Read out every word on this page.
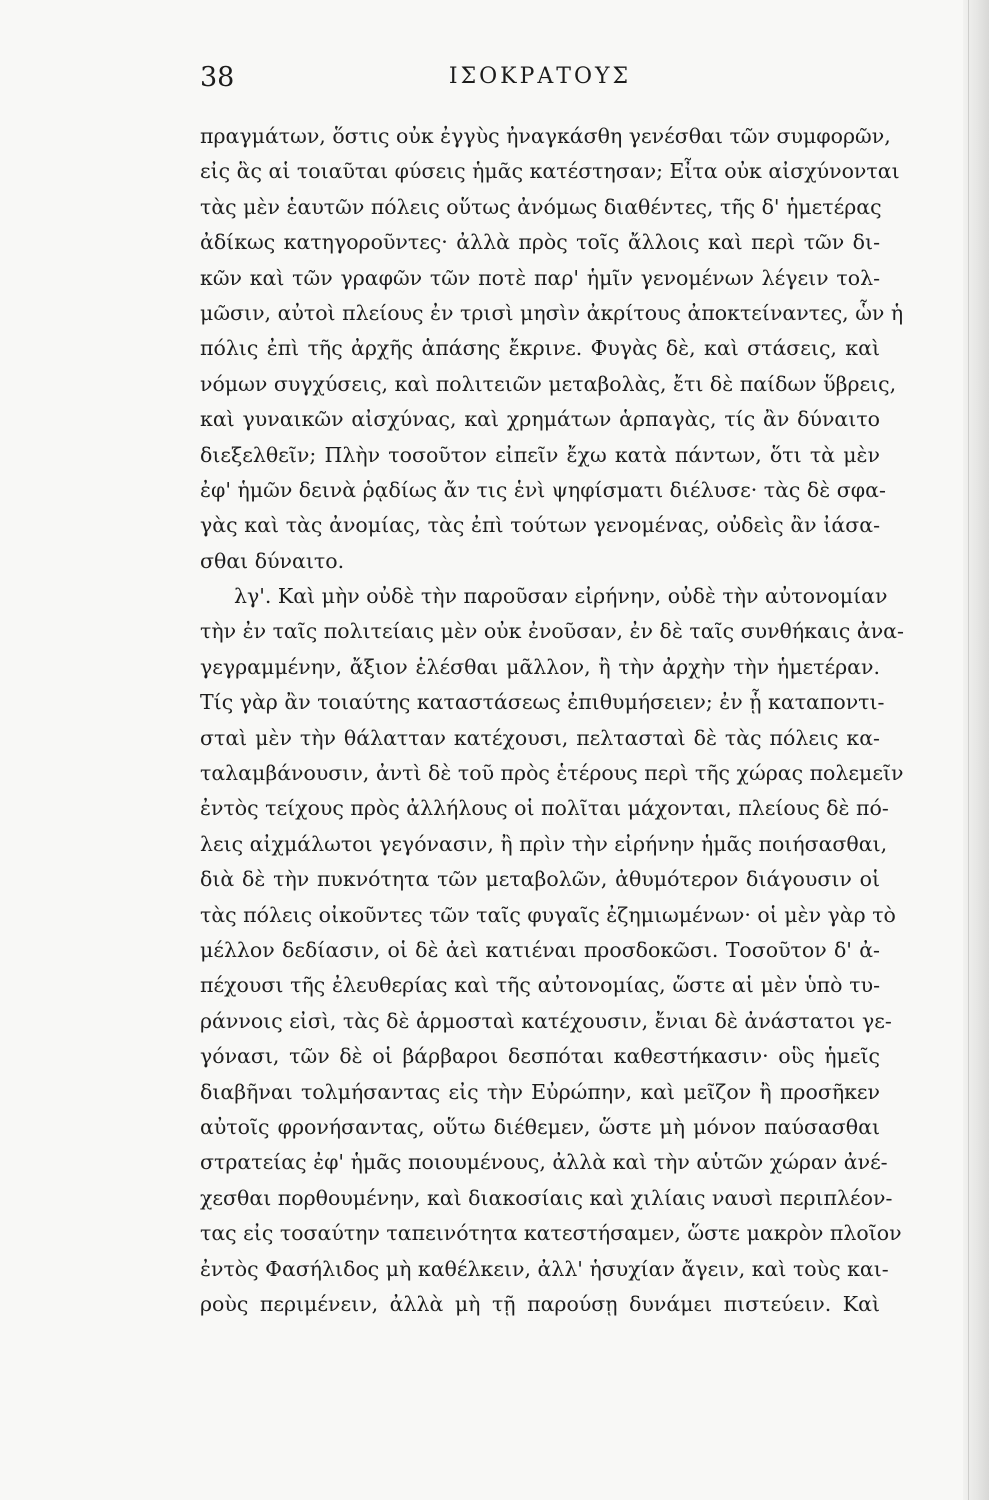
38	ΙΣΟΚΡΑΤΟΥΣ
πραγμάτων, ὅστις οὐκ ἐγγὺς ἠναγκάσθη γενέσθαι τῶν συμφορῶν,
εἰς ἃς αἱ τοιαῦται φύσεις ἡμᾶς κατέστησαν; Εἶτα οὐκ αἰσχύνονται
τὰς μὲν ἑαυτῶν πόλεις οὕτως ἀνόμως διαθέντες, τῆς δ' ἡμετέρας
ἀδίκως κατηγοροῦντες· ἀλλὰ πρὸς τοῖς ἄλλοις καὶ περὶ τῶν δι-
κῶν καὶ τῶν γραφῶν τῶν ποτὲ παρ' ἡμῖν γενομένων λέγειν τολ-
μῶσιν, αὐτοὶ πλείους ἐν τρισὶ μησὶν ἀκρίτους ἀποκτείναντες, ὧν ἡ
πόλις ἐπὶ τῆς ἀρχῆς ἁπάσης ἔκρινε. Φυγὰς δὲ, καὶ στάσεις, καὶ
νόμων συγχύσεις, καὶ πολιτειῶν μεταβολὰς, ἔτι δὲ παίδων ὕβρεις,
καὶ γυναικῶν αἰσχύνας, καὶ χρημάτων ἁρπαγὰς, τίς ἂν δύναιτο
διεξελθεῖν; Πλὴν τοσοῦτον εἰπεῖν ἔχω κατὰ πάντων, ὅτι τὰ μὲν
ἐφ' ἡμῶν δεινὰ ῥᾳδίως ἄν τις ἑνὶ ψηφίσματι διέλυσε· τὰς δὲ σφα-
γὰς καὶ τὰς ἀνομίας, τὰς ἐπὶ τούτων γενομένας, οὐδεὶς ἂν ἰάσα-
σθαι δύναιτο.
λγ'. Καὶ μὴν οὐδὲ τὴν παροῦσαν εἰρήνην, οὐδὲ τὴν αὐτονομίαν
τὴν ἐν ταῖς πολιτείαις μὲν οὐκ ἐνοῦσαν, ἐν δὲ ταῖς συνθήκαις ἀνα-
γεγραμμένην, ἄξιον ἑλέσθαι μᾶλλον, ἢ τὴν ἀρχὴν τὴν ἡμετέραν.
Τίς γὰρ ἂν τοιαύτης καταστάσεως ἐπιθυμήσειεν; ἐν ᾗ καταποντι-
σταὶ μὲν τὴν θάλατταν κατέχουσι, πελτασταὶ δὲ τὰς πόλεις κα-
ταλαμβάνουσιν, ἀντὶ δὲ τοῦ πρὸς ἑτέρους περὶ τῆς χώρας πολεμεῖν
ἐντὸς τείχους πρὸς ἀλλήλους οἱ πολῖται μάχονται, πλείους δὲ πό-
λεις αἰχμάλωτοι γεγόνασιν, ἢ πρὶν τὴν εἰρήνην ἡμᾶς ποιήσασθαι,
διὰ δὲ τὴν πυκνότητα τῶν μεταβολῶν, ἀθυμότερον διάγουσιν οἱ
τὰς πόλεις οἰκοῦντες τῶν ταῖς φυγαῖς ἐζημιωμένων· οἱ μὲν γὰρ τὸ
μέλλον δεδίασιν, οἱ δὲ ἀεὶ κατιέναι προσδοκῶσι. Τοσοῦτον δ' ἀ-
πέχουσι τῆς ἐλευθερίας καὶ τῆς αὐτονομίας, ὥστε αἱ μὲν ὑπὸ τυ-
ράννοις εἰσὶ, τὰς δὲ ἁρμοσταὶ κατέχουσιν, ἔνιαι δὲ ἀνάστατοι γε-
γόνασι, τῶν δὲ οἱ βάρβαροι δεσπόται καθεστήκασιν· οὓς ἡμεῖς
διαβῆναι τολμήσαντας εἰς τὴν Εὐρώπην, καὶ μεῖζον ἢ προσῆκεν
αὐτοῖς φρονήσαντας, οὕτω διέθεμεν, ὥστε μὴ μόνον παύσασθαι
στρατείας ἐφ' ἡμᾶς ποιουμένους, ἀλλὰ καὶ τὴν αὑτῶν χώραν ἀνέ-
χεσθαι πορθουμένην, καὶ διακοσίαις καὶ χιλίαις ναυσὶ περιπλέον-
τας εἰς τοσαύτην ταπεινότητα κατεστήσαμεν, ὥστε μακρὸν πλοῖον
ἐντὸς Φασήλιδος μὴ καθέλκειν, ἀλλ' ἡσυχίαν ἄγειν, καὶ τοὺς και-
ροὺς περιμένειν, ἀλλὰ μὴ τῇ παρούσῃ δυνάμει πιστεύειν. Καὶ
